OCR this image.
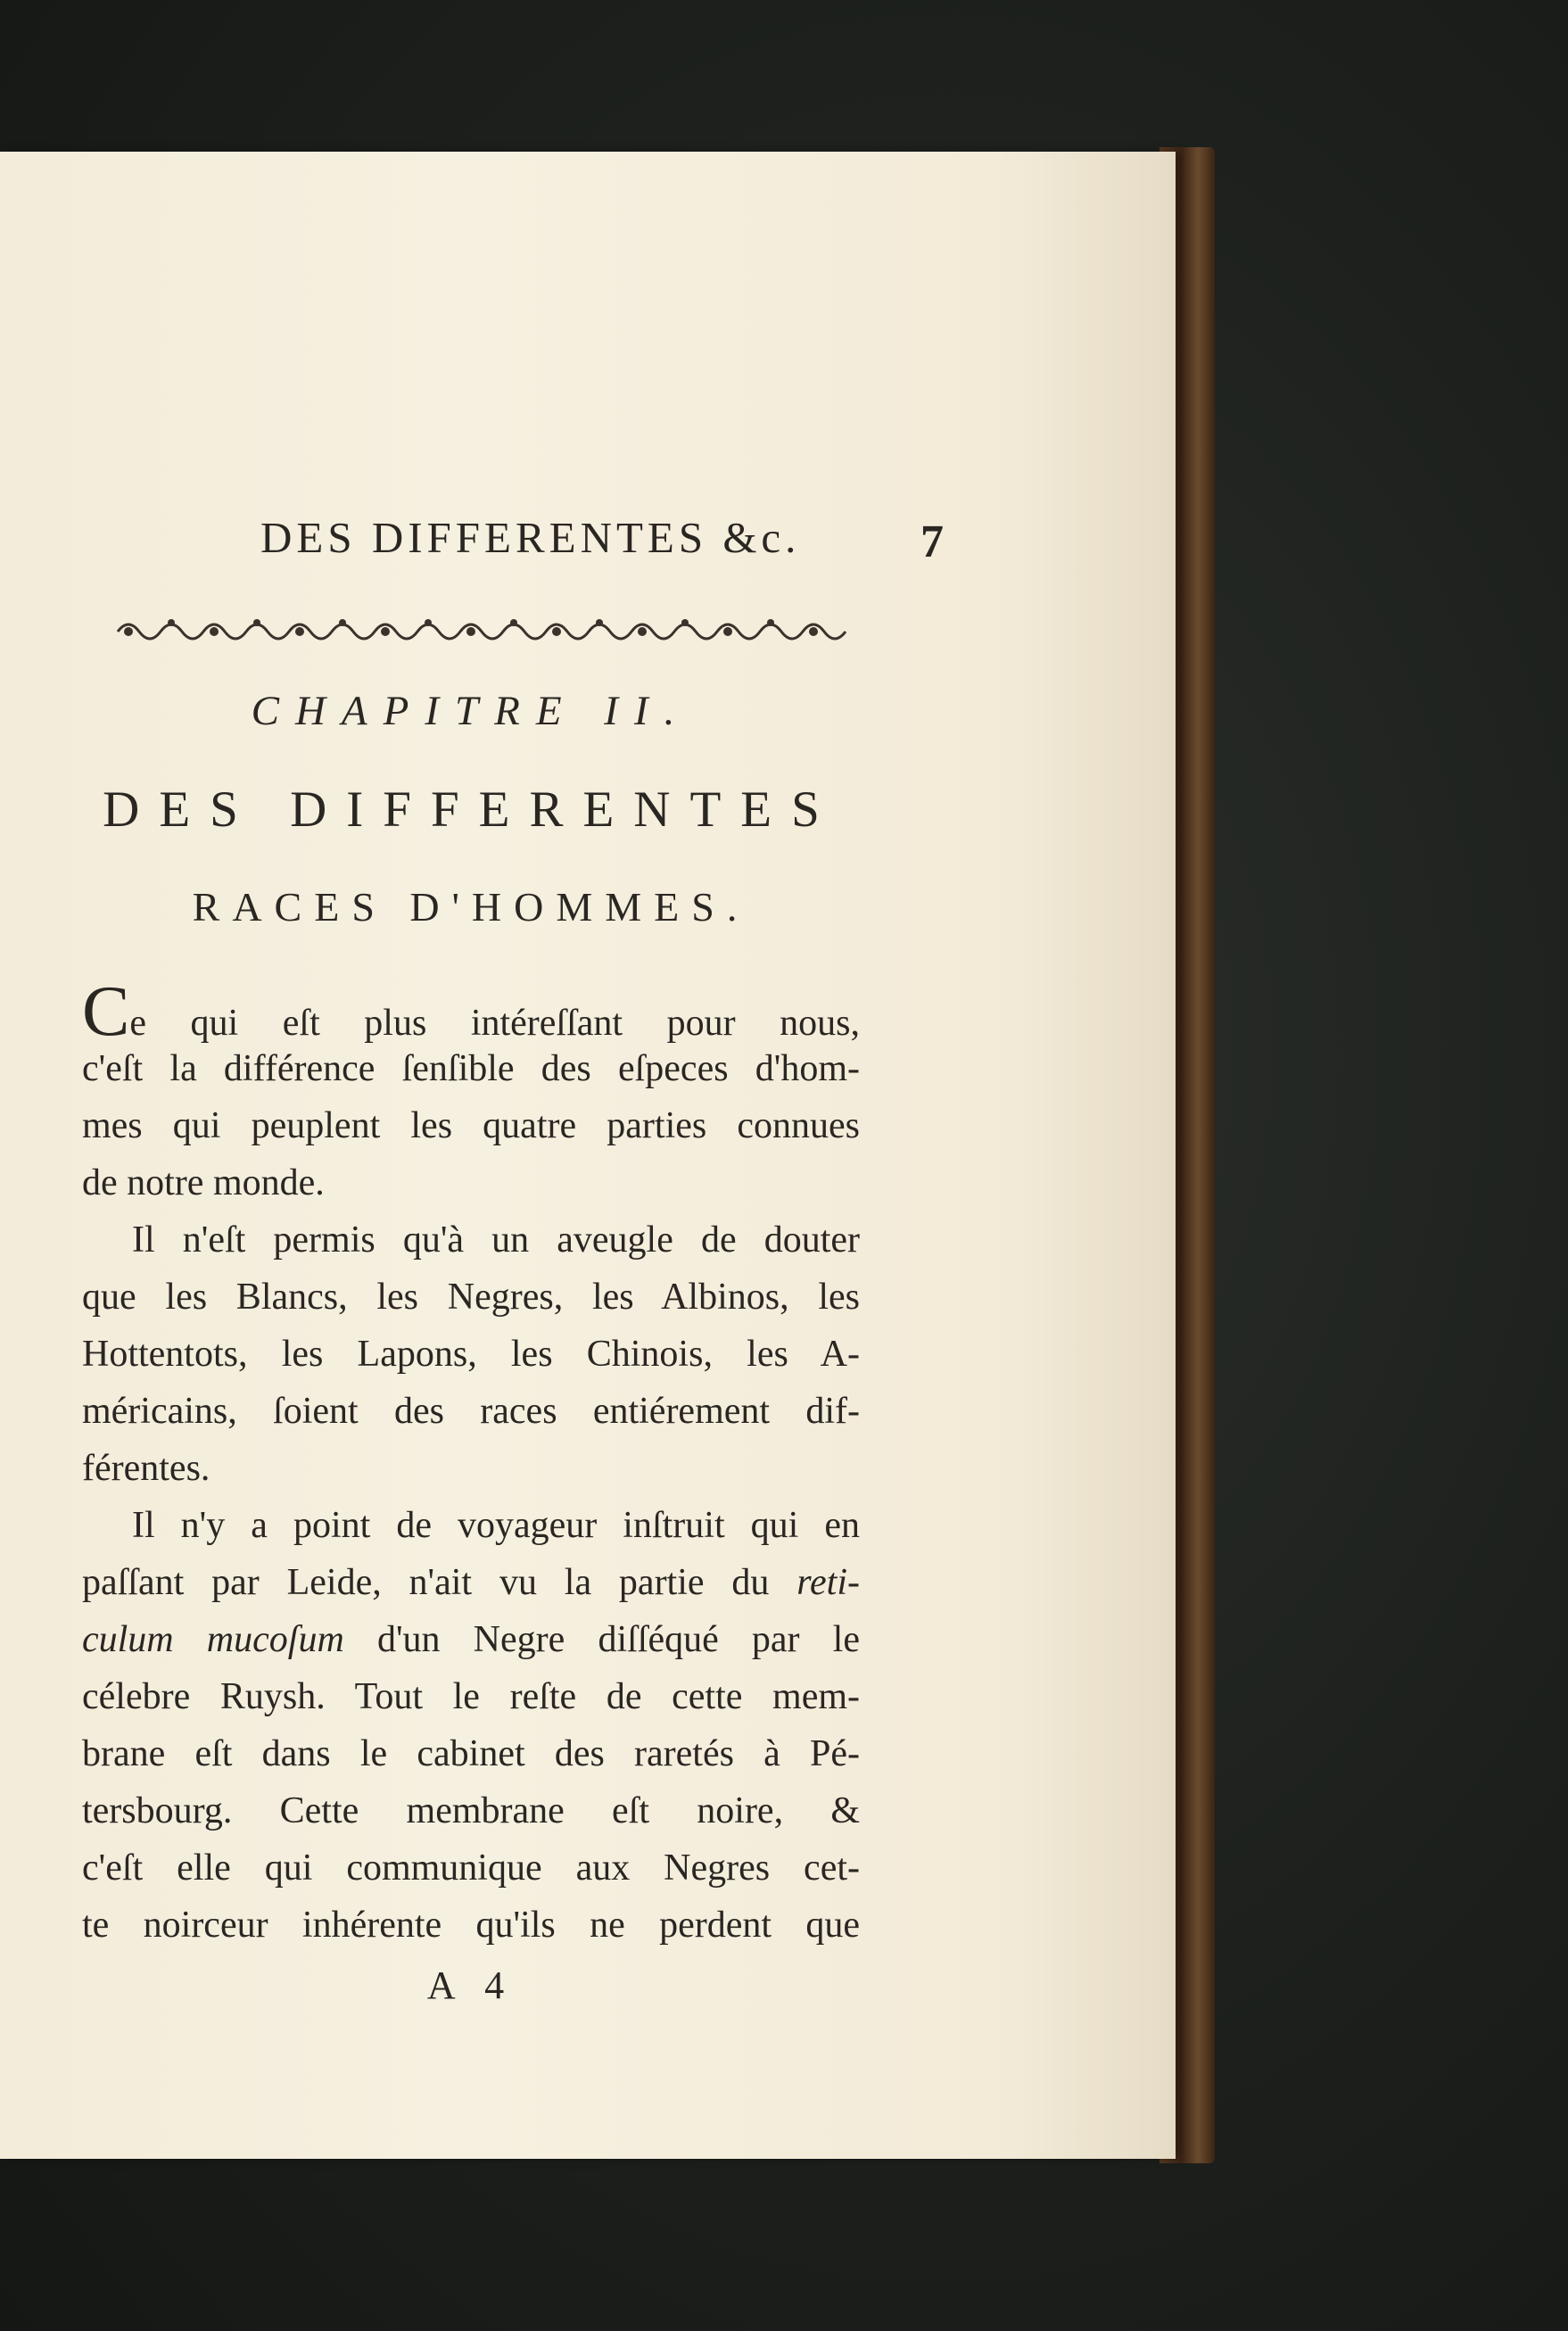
DES DIFFERENTES &c.	7
CHAPITRE II.
DES DIFFERENTES
RACES D'HOMMES.
Ce qui eſt plus intéreſſant pour nous,
c'eſt la différence ſenſible des eſpeces d'hom-
mes qui peuplent les quatre parties connues
de notre monde.
Il n'eſt permis qu'à un aveugle de douter
que les Blancs, les Negres, les Albinos, les
Hottentots, les Lapons, les Chinois, les A-
méricains, ſoient des races entiérement dif-
férentes.
Il n'y a point de voyageur inſtruit qui en
paſſant par Leide, n'ait vu la partie du reti-
culum mucoſum d'un Negre diſſéqué par le
célebre Ruysh. Tout le reſte de cette mem-
brane eſt dans le cabinet des raretés à Pé-
tersbourg. Cette membrane eſt noire, &
c'eſt elle qui communique aux Negres cet-
te noirceur inhérente qu'ils ne perdent que
A 4
